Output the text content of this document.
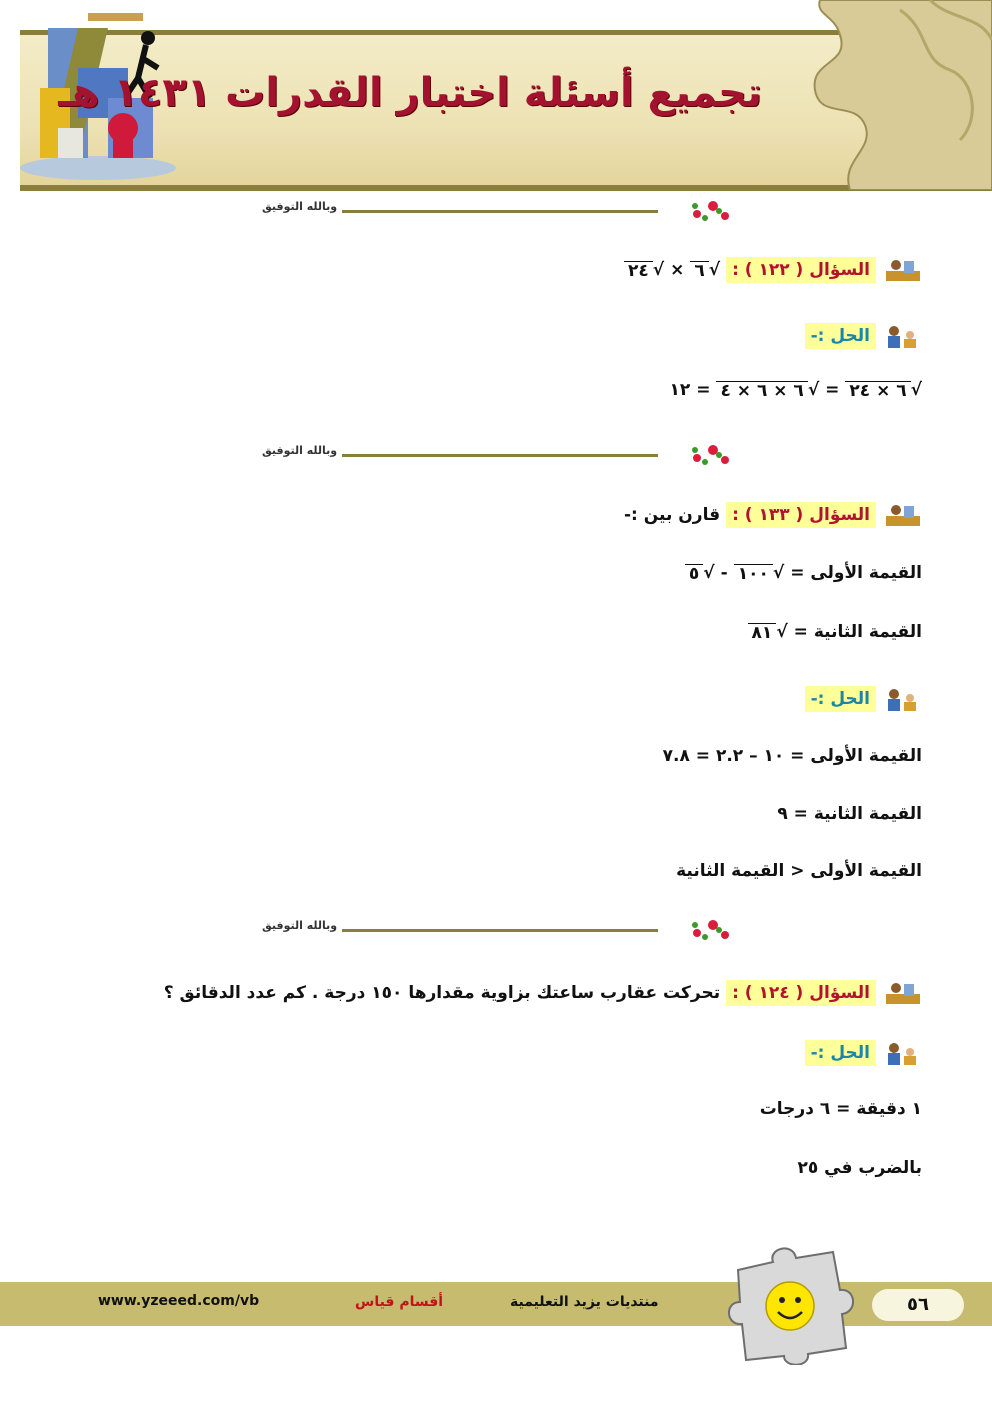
تجميع أسئلة اختبار القدرات ١٤٣١ هـ
وبالله التوفيق
السؤال ( ١٢٢ ) :
√
٦
×
√
٢٤
الحل :-
√
٦ × ٢٤
=
√
٦ × ٦ × ٤
=
١٢
وبالله التوفيق
السؤال ( ١٣٣ ) :
قارن بين :-
القيمة الأولى =
√
١٠٠
-
√
٥
القيمة الثانية =
√
٨١
الحل :-
القيمة الأولى = ١٠ – ٢.٢ = ٧.٨
القيمة الثانية = ٩
القيمة الأولى < القيمة الثانية
وبالله التوفيق
السؤال ( ١٢٤ ) :
تحركت عقارب ساعتك بزاوية مقدارها ١٥٠ درجة . كم عدد الدقائق ؟
الحل :-
١ دقيقة = ٦ درجات
بالضرب في ٢٥
www.yzeeed.com/vb	أقسام قياس	منتديات يزيد التعليمية	٥٦
